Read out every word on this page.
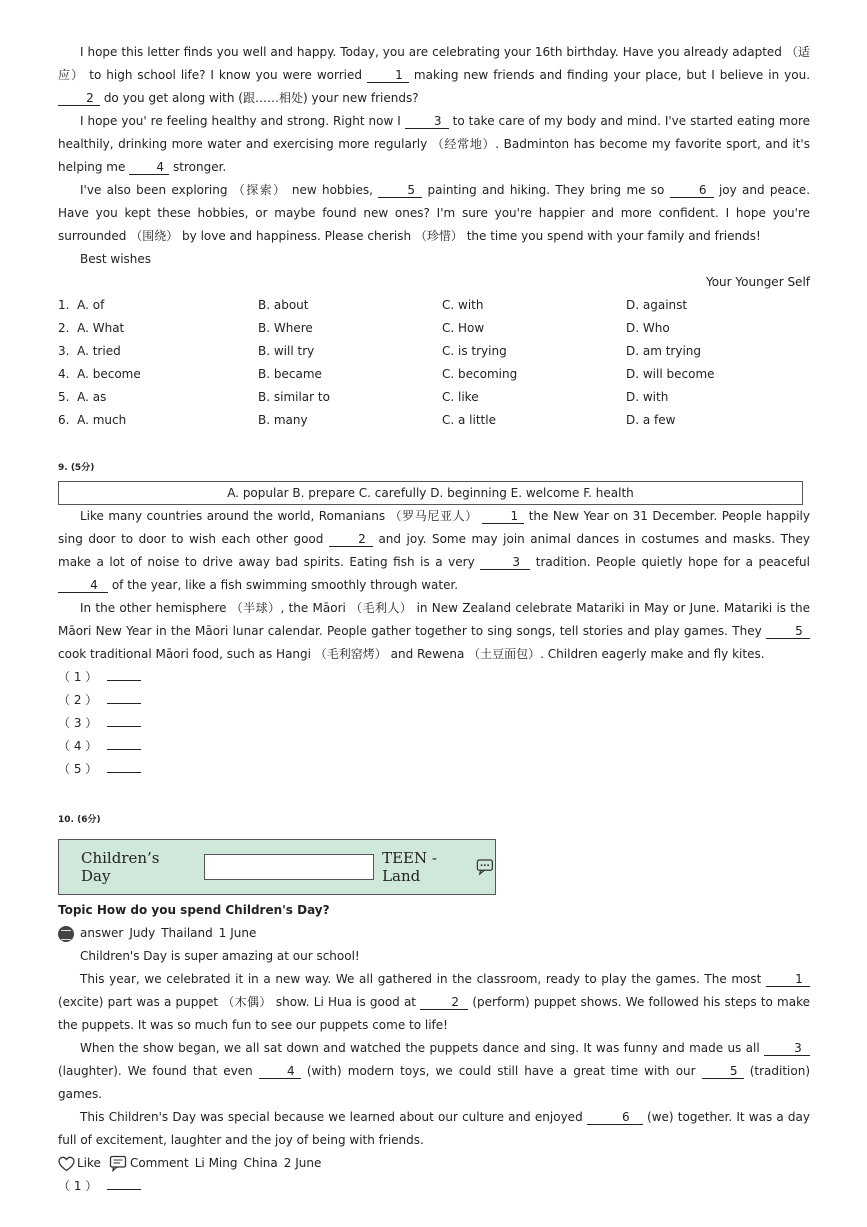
I hope this letter finds you well and happy. Today, you are celebrating your 16th birthday. Have you already adapted （适应） to high school life? I know you were worried 1 making new friends and finding your place, but I believe in you. 2 do you get along with (跟……相处) your new friends?

I hope you' re feeling healthy and strong. Right now I 3 to take care of my body and mind. I've started eating more healthily, drinking more water and exercising more regularly （经常地）. Badminton has become my favorite sport, and it's helping me 4 stronger.

I've also been exploring （探索） new hobbies, 5 painting and hiking. They bring me so 6 joy and peace. Have you kept these hobbies, or maybe found new ones? I'm sure you're happier and more confident. I hope you're surrounded （围绕） by love and happiness. Please cherish （珍惜） the time you spend with your family and friends!

Best wishes

Your Younger Self

1. A. of	B. about	C. with	D. against
2. A. What	B. Where	C. How	D. Who
3. A. tried	B. will try	C. is trying	D. am trying
4. A. become	B. became	C. becoming	D. will become
5. A. as	B. similar to	C. like	D. with
6. A. much	B. many	C. a little	D. a few
9. (5分)
A. popular B. prepare C. carefully D. beginning E. welcome F. health

Like many countries around the world, Romanians （罗马尼亚人） 1 the New Year on 31 December. People happily sing door to door to wish each other good 2 and joy. Some may join animal dances in costumes and masks. They make a lot of noise to drive away bad spirits. Eating fish is a very	3 tradition. People quietly hope for a peaceful 4 of the year, like a fish swimming smoothly through water.

In the other hemisphere （半球）, the Māori （毛利人） in New Zealand celebrate Matariki in May or June. Matariki is the Māori New Year in the Māori lunar calendar. People gather together to sing songs, tell stories and play games. They 5 cook traditional Māori food, such as Hangi （毛利窑烤） and Rewena （土豆面包）. Children eagerly make and fly kites.

（ 1 ）
（ 2 ）
（ 3 ）
（ 4 ）
（ 5 ）
10. (6分)
Children’s Day
TEEN - Land
Topic How do you spend Children's Day?
answer Judy Thailand 1 June

Children's Day is super amazing at our school!

This year, we celebrated it in a new way. We all gathered in the classroom, ready to play the games. The most 1 (excite) part was a puppet （木偶） show. Li Hua is good at	2 (perform) puppet shows. We followed his steps to make the puppets. It was so much fun to see our puppets come to life!

When the show began, we all sat down and watched the puppets dance and sing. It was funny and made us all	3 (laughter). We found that even 4 (with) modern toys, we could still have a great time with our 5 (tradition) games.

This Children's Day was special because we learned about our culture and enjoyed	6 (we) together. It was a day full of excitement, laughter and the joy of being with friends.

Like Comment Li Ming China 2 June
（ 1 ）
